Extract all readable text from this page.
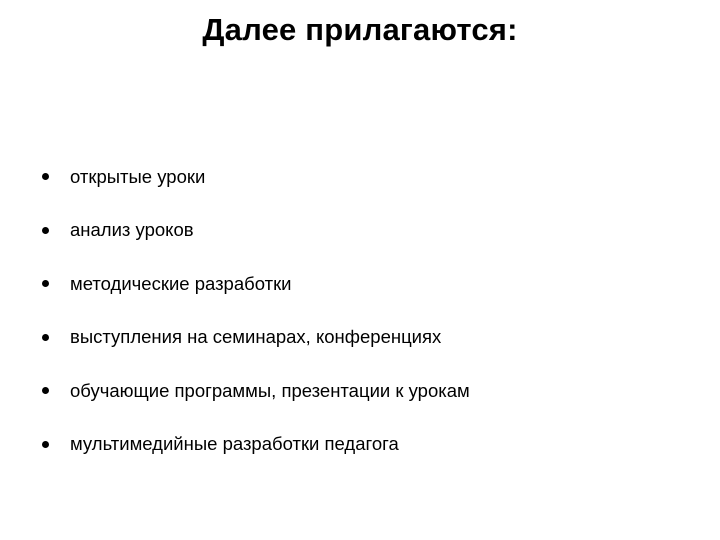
Далее прилагаются:
открытые уроки
анализ уроков
методические разработки
выступления на семинарах, конференциях
обучающие программы, презентации к урокам
мультимедийные разработки педагога
